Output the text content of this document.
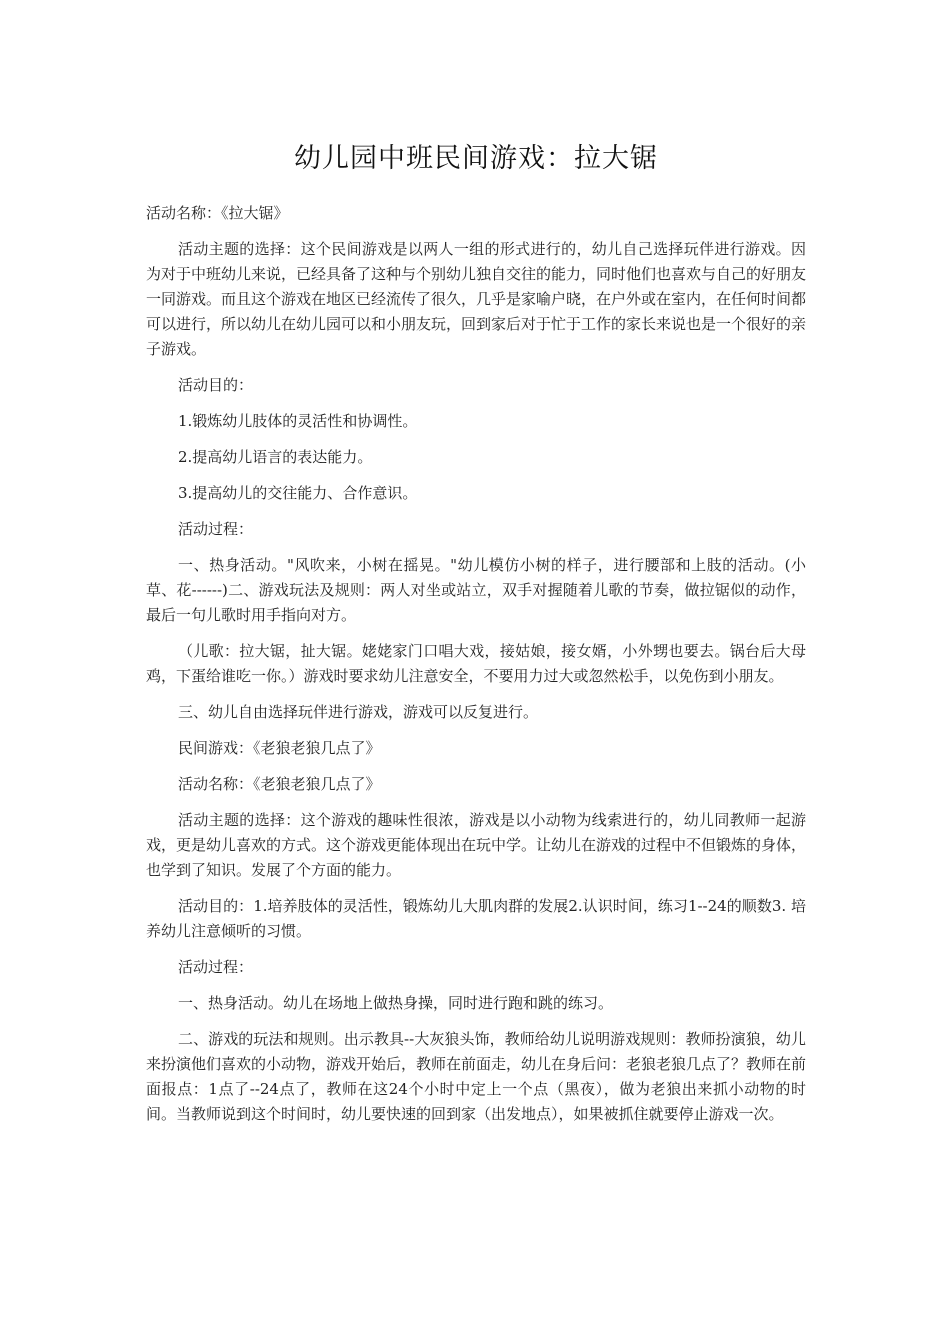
幼儿园中班民间游戏：拉大锯

活动名称：《拉大锯》

活动主题的选择：这个民间游戏是以两人一组的形式进行的，幼儿自己选择玩伴进行游戏。因为对于中班幼儿来说，已经具备了这种与个别幼儿独自交往的能力，同时他们也喜欢与自己的好朋友一同游戏。而且这个游戏在地区已经流传了很久，几乎是家喻户晓，在户外或在室内，在任何时间都可以进行，所以幼儿在幼儿园可以和小朋友玩，回到家后对于忙于工作的家长来说也是一个很好的亲子游戏。

活动目的：

1.锻炼幼儿肢体的灵活性和协调性。

2.提高幼儿语言的表达能力。

3.提高幼儿的交往能力、合作意识。

活动过程：

一、热身活动。"风吹来，小树在摇晃。"幼儿模仿小树的样子，进行腰部和上肢的活动。(小草、花------)二、游戏玩法及规则：两人对坐或站立，双手对握随着儿歌的节奏，做拉锯似的动作，最后一句儿歌时用手指向对方。

（儿歌：拉大锯，扯大锯。姥姥家门口唱大戏，接姑娘，接女婿，小外甥也要去。锅台后大母鸡，下蛋给谁吃一你。）游戏时要求幼儿注意安全，不要用力过大或忽然松手，以免伤到小朋友。

三、幼儿自由选择玩伴进行游戏，游戏可以反复进行。

民间游戏：《老狼老狼几点了》

活动名称：《老狼老狼几点了》

活动主题的选择：这个游戏的趣味性很浓，游戏是以小动物为线索进行的，幼儿同教师一起游戏，更是幼儿喜欢的方式。这个游戏更能体现出在玩中学。让幼儿在游戏的过程中不但锻炼的身体，也学到了知识。发展了个方面的能力。

活动目的：1.培养肢体的灵活性，锻炼幼儿大肌肉群的发展2.认识时间，练习1--24的顺数3. 培养幼儿注意倾听的习惯。

活动过程：

一、热身活动。幼儿在场地上做热身操，同时进行跑和跳的练习。

二、游戏的玩法和规则。出示教具--大灰狼头饰，教师给幼儿说明游戏规则：教师扮演狼，幼儿来扮演他们喜欢的小动物，游戏开始后，教师在前面走，幼儿在身后问：老狼老狼几点了？教师在前面报点：1点了--24点了，教师在这24个小时中定上一个点（黑夜），做为老狼出来抓小动物的时间。当教师说到这个时间时，幼儿要快速的回到家（出发地点），如果被抓住就要停止游戏一次。
